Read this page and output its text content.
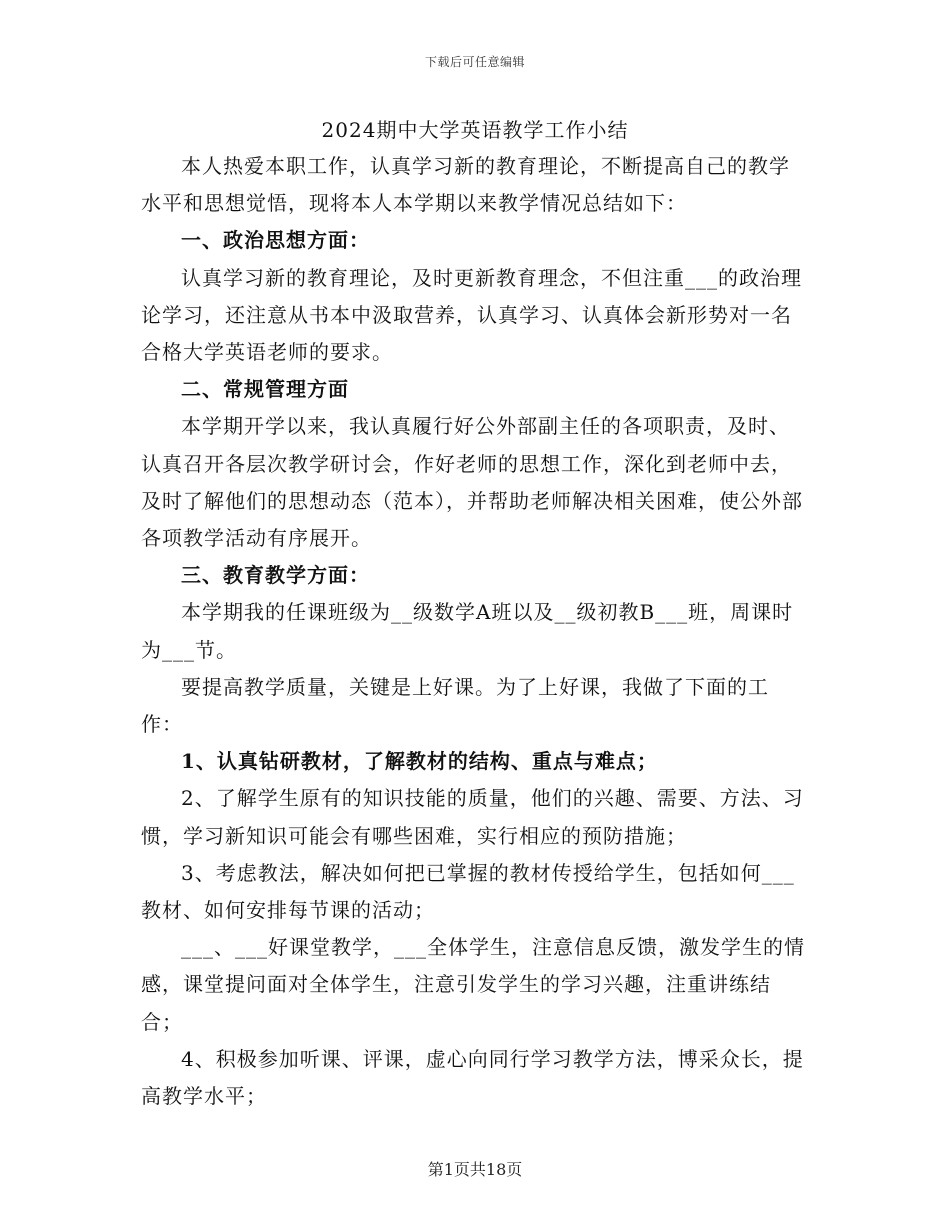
下载后可任意编辑
2024期中大学英语教学工作小结

本人热爱本职工作，认真学习新的教育理论，不断提高自己的教学水平和思想觉悟，现将本人本学期以来教学情况总结如下：

一、政治思想方面：

认真学习新的教育理论，及时更新教育理念，不但注重___的政治理论学习，还注意从书本中汲取营养，认真学习、认真体会新形势对一名合格大学英语老师的要求。

二、常规管理方面

本学期开学以来，我认真履行好公外部副主任的各项职责，及时、认真召开各层次教学研讨会，作好老师的思想工作，深化到老师中去，及时了解他们的思想动态（范本），并帮助老师解决相关困难，使公外部各项教学活动有序展开。

三、教育教学方面：

本学期我的任课班级为__级数学A班以及__级初教B___班，周课时为___节。

要提高教学质量，关键是上好课。为了上好课，我做了下面的工作：

1、认真钻研教材，了解教材的结构、重点与难点；

2、了解学生原有的知识技能的质量，他们的兴趣、需要、方法、习惯，学习新知识可能会有哪些困难，实行相应的预防措施；

3、考虑教法，解决如何把已掌握的教材传授给学生，包括如何___教材、如何安排每节课的活动；

___、___好课堂教学，___全体学生，注意信息反馈，激发学生的情感，课堂提问面对全体学生，注意引发学生的学习兴趣，注重讲练结合；

4、积极参加听课、评课，虚心向同行学习教学方法，博采众长，提高教学水平；

第1页共18页
